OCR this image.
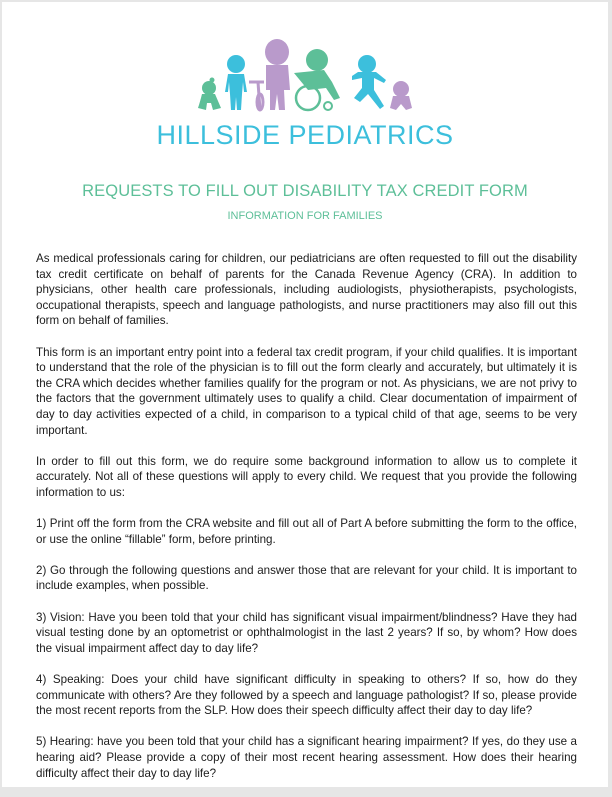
HILLSIDE PEDIATRICS
REQUESTS TO FILL OUT DISABILITY TAX CREDIT FORM
INFORMATION FOR FAMILIES

As medical professionals caring for children, our pediatricians are often requested to fill out the disability tax credit certificate on behalf of parents for the Canada Revenue Agency (CRA). In addition to physicians, other health care professionals, including audiologists, physiotherapists, psychologists, occupational therapists, speech and language pathologists, and nurse practitioners may also fill out this form on behalf of families.

This form is an important entry point into a federal tax credit program, if your child qualifies. It is important to understand that the role of the physician is to fill out the form clearly and accurately, but ultimately it is the CRA which decides whether families qualify for the program or not. As physicians, we are not privy to the factors that the government ultimately uses to qualify a child. Clear documentation of impairment of day to day activities expected of a child, in comparison to a typical child of that age, seems to be very important.

In order to fill out this form, we do require some background information to allow us to complete it accurately. Not all of these questions will apply to every child. We request that you provide the following information to us:

1) Print off the form from the CRA website and fill out all of Part A before submitting the form to the office, or use the online “fillable” form, before printing.

2) Go through the following questions and answer those that are relevant for your child. It is important to include examples, when possible.

3) Vision: Have you been told that your child has significant visual impairment/blindness? Have they had visual testing done by an optometrist or ophthalmologist in the last 2 years? If so, by whom? How does the visual impairment affect day to day life?

4) Speaking: Does your child have significant difficulty in speaking to others? If so, how do they communicate with others? Are they followed by a speech and language pathologist? If so, please provide the most recent reports from the SLP. How does their speech difficulty affect their day to day life?

5) Hearing: have you been told that your child has a significant hearing impairment? If yes, do they use a hearing aid? Please provide a copy of their most recent hearing assessment. How does their hearing difficulty affect their day to day life?
